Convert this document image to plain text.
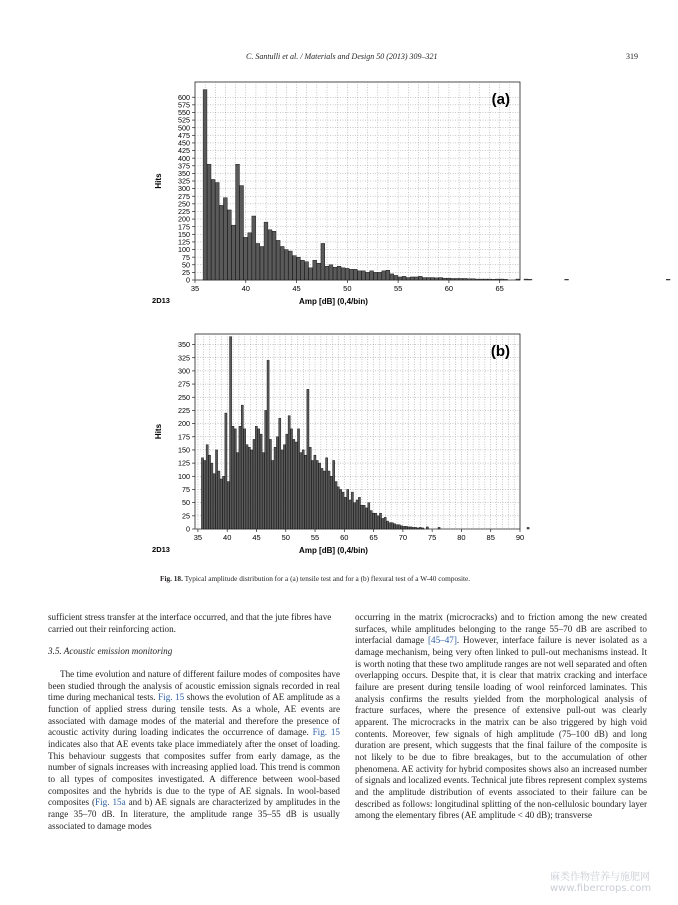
C. Santulli et al. / Materials and Design 50 (2013) 309–321	319
35	40	45	50	55	60	65
0
25
50
75
100
125
150
175
200
225
250
275
300
325
350
375
400
425
450
475
500
525
550
575
600
Hits
Amp [dB] (0,4/bin)
2D13
(a)
35	40	45	50	55	60	65	70	75	80	85	90
0
25
50
75
100
125
150
175
200
225
250
275
300
325
350
Hits
Amp [dB] (0,4/bin)
2D13
(b)
Fig. 18. Typical amplitude distribution for a (a) tensile test and for a (b) flexural test of a W-40 composite.

sufficient stress transfer at the interface occurred, and that the jute fibres have carried out their reinforcing action.

3.5. Acoustic emission monitoring

The time evolution and nature of different failure modes of composites have been studied through the analysis of acoustic emission signals recorded in real time during mechanical tests. Fig. 15 shows the evolution of AE amplitude as a function of applied stress during tensile tests. As a whole, AE events are associated with damage modes of the material and therefore the presence of acoustic activity during loading indicates the occurrence of damage. Fig. 15 indicates also that AE events take place immediately after the onset of loading. This behaviour suggests that composites suffer from early damage, as the number of signals increases with increasing applied load. This trend is common to all types of composites investigated. A difference between wool-based composites and the hybrids is due to the type of AE signals. In wool-based composites (Fig. 15a and b) AE signals are characterized by amplitudes in the range 35–70 dB. In literature, the amplitude range 35–55 dB is usually associated to damage modes

occurring in the matrix (microcracks) and to friction among the new created surfaces, while amplitudes belonging to the range 55–70 dB are ascribed to interfacial damage [45–47]. However, interface failure is never isolated as a damage mechanism, being very often linked to pull-out mechanisms instead. It is worth noting that these two amplitude ranges are not well separated and often overlapping occurs. Despite that, it is clear that matrix cracking and interface failure are present during tensile loading of wool reinforced laminates. This analysis confirms the results yielded from the morphological analysis of fracture surfaces, where the presence of extensive pull-out was clearly apparent. The microcracks in the matrix can be also triggered by high void contents. Moreover, few signals of high amplitude (75–100 dB) and long duration are present, which suggests that the final failure of the composite is not likely to be due to fibre breakages, but to the accumulation of other phenomena. AE activity for hybrid composites shows also an increased number of signals and localized events. Technical jute fibres represent complex systems and the amplitude distribution of events associated to their failure can be described as follows: longitudinal splitting of the non-cellulosic boundary layer among the elementary fibres (AE amplitude < 40 dB); transverse

麻类作物营养与施肥网
www.fibercrops.com
